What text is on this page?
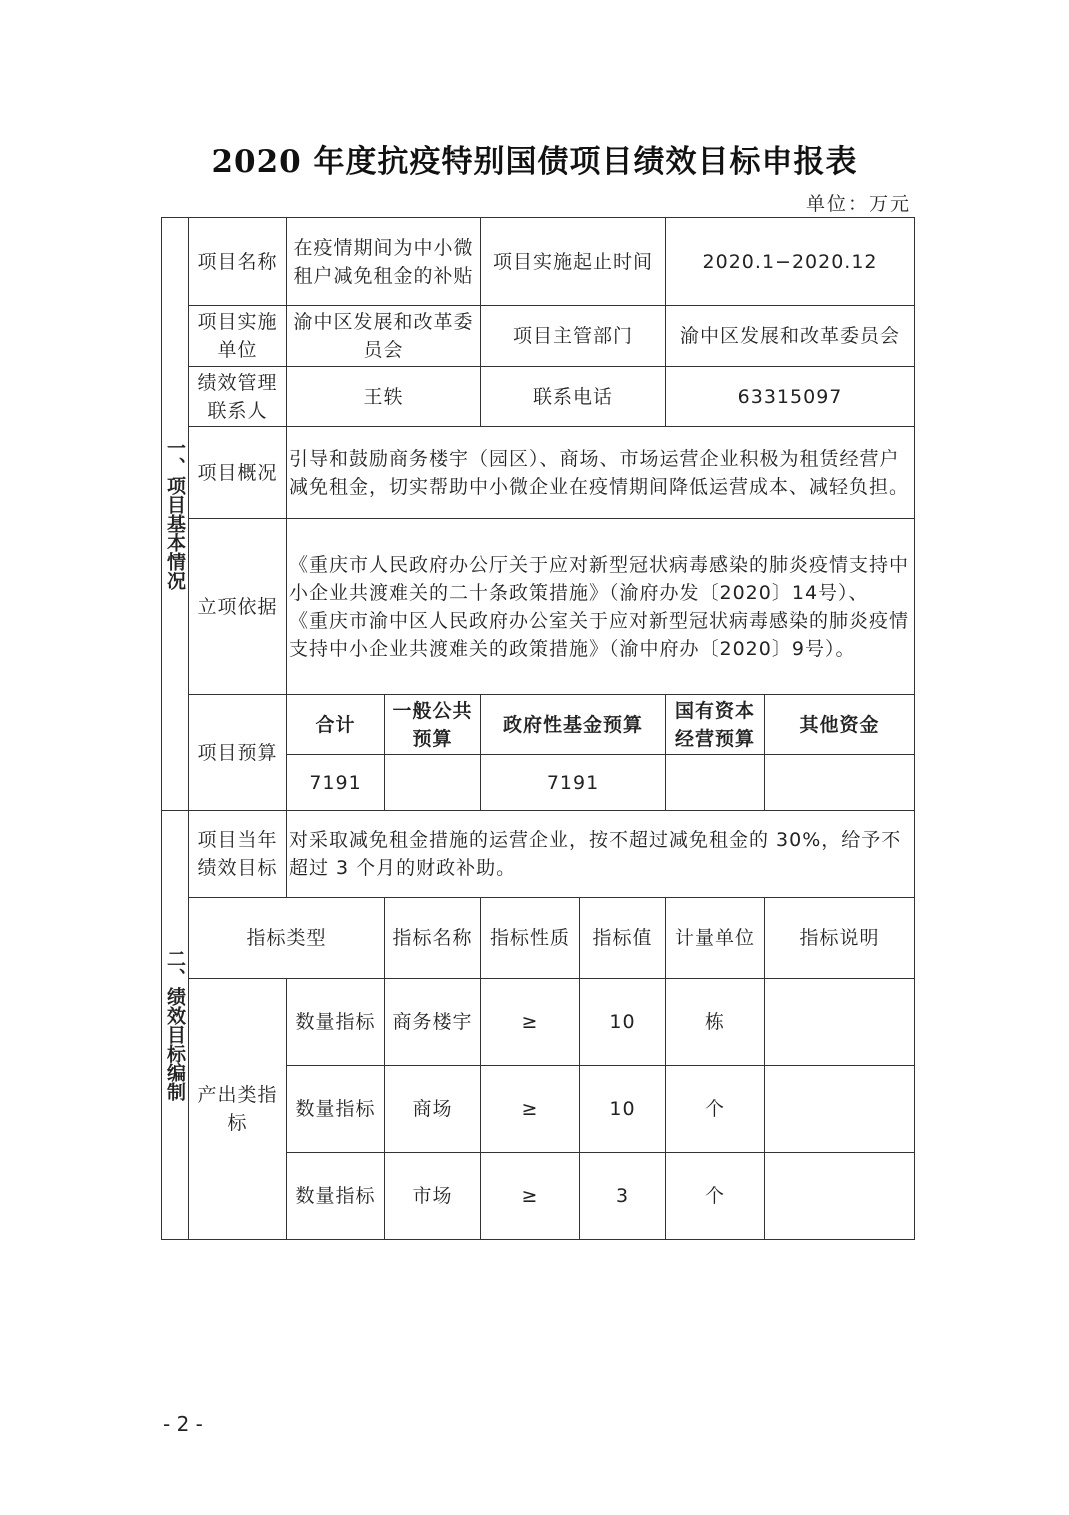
2020 年度抗疫特别国债项目绩效目标申报表
单位：万元
一、项目基本情况	项目名称	在疫情期间为中小微租户减免租金的补贴		项目实施起止时间		2020.1−2020.12	
	项目实施单位	渝中区发展和改革委员会		项目主管部门		渝中区发展和改革委员会	
	绩效管理联系人	王轶		联系电话		63315097	
	项目概况	引导和鼓励商务楼宇（园区）、商场、市场运营企业积极为租赁经营户减免租金，切实帮助中小微企业在疫情期间降低运营成本、减轻负担。					
	立项依据	《重庆市人民政府办公厅关于应对新型冠状病毒感染的肺炎疫情支持中小企业共渡难关的二十条政策措施》（渝府办发〔2020〕14号）、
《重庆市渝中区人民政府办公室关于应对新型冠状病毒感染的肺炎疫情支持中小企业共渡难关的政策措施》（渝中府办〔2020〕9号）。					

	项目预算	合计	一般公共预算	政府性基金预算		国有资本经营预算	其他资金
		7191		7191			

二、绩效目标编制	项目当年绩效目标	对采取减免租金措施的运营企业，按不超过减免租金的 30%，给予不超过 3 个月的财政补助。					
	指标类型		指标名称	指标性质	指标值	计量单位	指标说明
	产出类指标	数量指标	商务楼宇	≥	10	栋	
		数量指标	商场	≥	10	个	
		数量指标	市场	≥	3	个	
- 2 -
